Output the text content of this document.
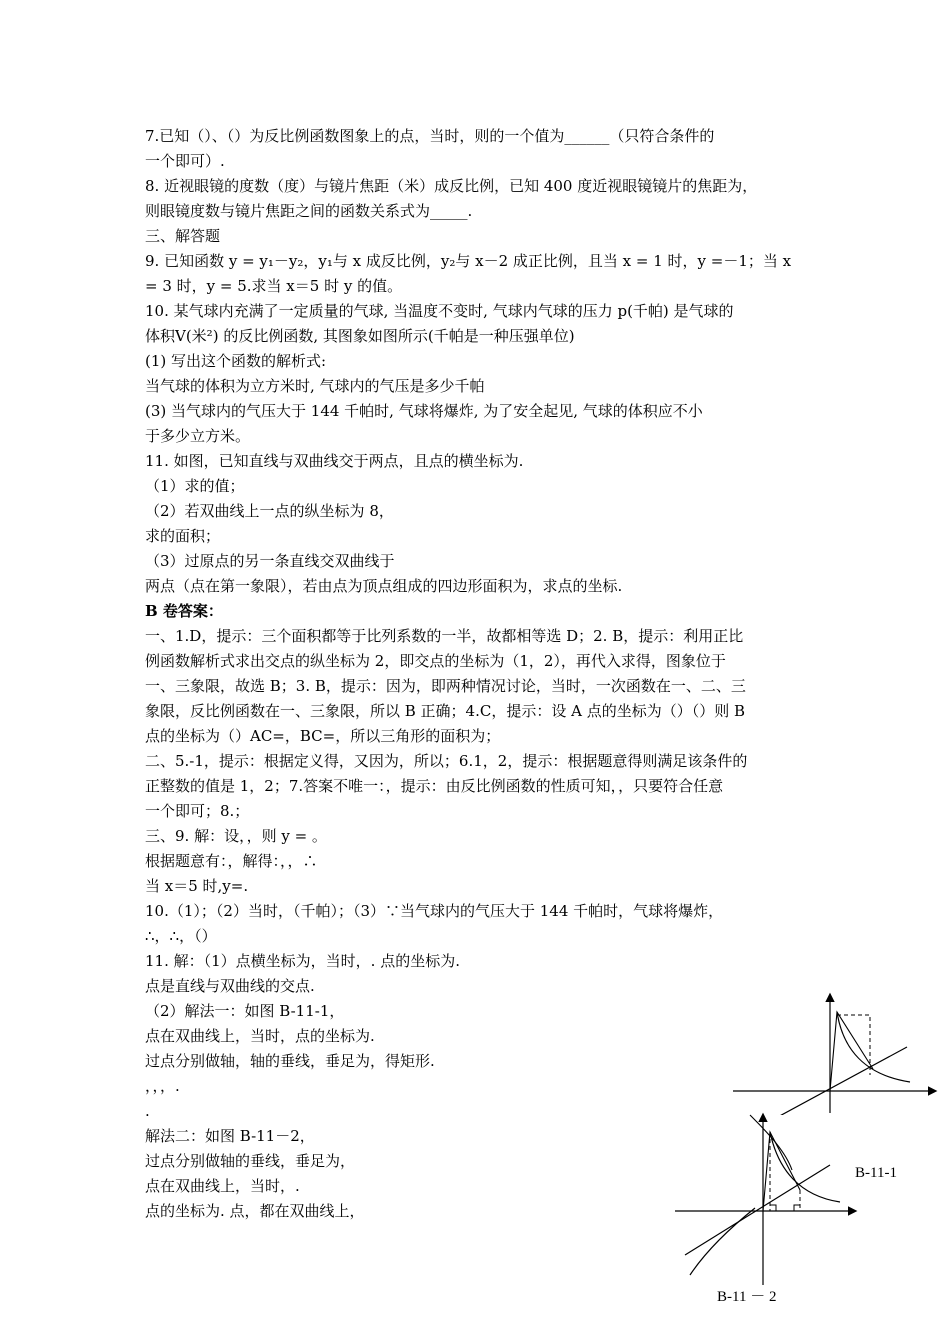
7.已知（）、（）为反比例函数图象上的点，当时，则的一个值为______（只符合条件的
一个即可）.
8. 近视眼镜的度数（度）与镜片焦距（米）成反比例，已知 400 度近视眼镜镜片的焦距为，
则眼镜度数与镜片焦距之间的函数关系式为_____.
三、解答题
9. 已知函数 y = y₁－y₂，y₁与 x 成反比例，y₂与 x－2 成正比例，且当 x = 1 时，y =－1；当 x
= 3 时，y = 5.求当 x＝5 时 y 的值。
10. 某气球内充满了一定质量的气球, 当温度不变时, 气球内气球的压力 p(千帕) 是气球的
体积V(米²) 的反比例函数, 其图象如图所示(千帕是一种压强单位)
(1) 写出这个函数的解析式:
当气球的体积为立方米时, 气球内的气压是多少千帕
(3) 当气球内的气压大于 144 千帕时, 气球将爆炸, 为了安全起见, 气球的体积应不小
于多少立方米。
11. 如图，已知直线与双曲线交于两点，且点的横坐标为.
（1）求的值；
（2）若双曲线上一点的纵坐标为 8，
求的面积；
（3）过原点的另一条直线交双曲线于
两点（点在第一象限），若由点为顶点组成的四边形面积为，求点的坐标.
B 卷答案：
一、1.D，提示：三个面积都等于比列系数的一半，故都相等选 D；2. B，提示：利用正比
例函数解析式求出交点的纵坐标为 2，即交点的坐标为（1，2），再代入求得，图象位于
一、三象限，故选 B；3. B，提示：因为，即两种情况讨论，当时，一次函数在一、二、三
象限，反比例函数在一、三象限，所以 B 正确；4.C，提示：设 A 点的坐标为（）（）则 B
点的坐标为（）AC=，BC=，所以三角形的面积为；
二、5.-1，提示：根据定义得，又因为，所以；6.1，2，提示：根据题意得则满足该条件的
正整数的值是 1，2；7.答案不唯一：，提示：由反比例函数的性质可知，，只要符合任意
一个即可；8.；
三、9. 解：设，，则 y = 。
根据题意有：，解得：，，∴
当 x＝5 时,y=.
10.（1）；（2）当时，（千帕）；（3）∵当气球内的气压大于 144 千帕时，气球将爆炸，
∴，∴，（）
11. 解：（1）点横坐标为，当时，. 点的坐标为.
点是直线与双曲线的交点.
（2）解法一：如图 B-11-1，
点在双曲线上，当时，点的坐标为.
过点分别做轴，轴的垂线，垂足为，得矩形.
，，，.
.
解法二：如图 B-11－2，
过点分别做轴的垂线，垂足为，
点在双曲线上，当时，.
点的坐标为. 点，都在双曲线上，
B-11-1
B-11 － 2
